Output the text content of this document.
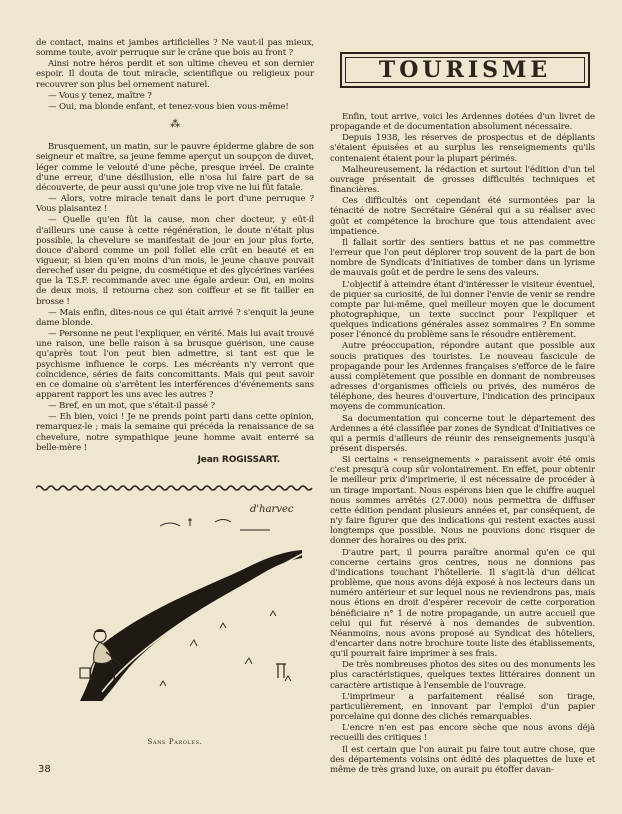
de contact, mains et jambes artificielles ? Ne vaut-il pas mieux, somme toute, avoir perruque sur le crâne que bois au front ?

Ainsi notre héros perdit et son ultime cheveu et son dernier espoir. Il douta de tout miracle, scientifique ou religieux pour recouvrer son plus bel ornement naturel.

— Vous y tenez, maître ?

— Oui, ma blonde enfant, et tenez-vous bien vous-même!

⁂

Brusquement, un matin, sur le pauvre épiderme glabre de son seigneur et maître, sa jeune femme aperçut un soupçon de duvet, léger comme le velouté d'une pêche, presque irréel. De crainte d'une erreur, d'une désillusion, elle n'osa lui faire part de sa découverte, de peur aussi qu'une joie trop vive ne lui fût fatale.

— Alors, votre miracle tenait dans le port d'une perruque ? Vous plaisantez !

— Quelle qu'en fût la cause, mon cher docteur, y eût-il d'ailleurs une cause à cette régénération, le doute n'était plus possible, la chevelure se manifestait de jour en jour plus forte, douce d'abord comme un poil follet elle crût en beauté et en vigueur, si bien qu'en moins d'un mois, le jeune chauve pouvait derechef user du peigne, du cosmétique et des glycérines variées que la T.S.F. recommande avec une égale ardeur. Oui, en moins de deux mois, il retourna chez son coiffeur et se fit tailler en brosse !

— Mais enfin, dites-nous ce qui était arrivé ? s'enquit la jeune dame blonde.

— Personne ne peut l'expliquer, en vérité. Mais lui avait trouvé une raison, une belle raison à sa brusque guérison, une cause qu'après tout l'on peut bien admettre, si tant est que le psychisme influence le corps. Les mécréants n'y verront que coïncidence, séries de faits concomittants. Mais qui peut savoir en ce domaine où s'arrêtent les interférences d'événements sans apparent rapport les uns avec les autres ?

— Bref, en un mot, que s'était-il passé ?

— Eh bien, voici ! Je ne prends point parti dans cette opinion, remarquez-le ; mais la semaine qui précéda la renaissance de sa chevelure, notre sympathique jeune homme avait enterré sa belle-mère !

Jean ROGISSART.
d'harvec
Sans Paroles.
38
TOURISME

Enfin, tout arrive, voici les Ardennes dotées d'un livret de propagande et de documentation absolument nécessaire.

Depuis 1938, les réserves de prospectus et de dépliants s'étaient épuisées et au surplus les renseignements qu'ils contenaient étaient pour la plupart périmés.

Malheureusement, la rédaction et surtout l'édition d'un tel ouvrage présentait de grosses difficultés techniques et financières.

Ces difficultés ont cependant été surmontées par la ténacité de notre Secrétaire Général qui a su réaliser avec goût et compétence la brochure que tous attendaient avec impatience.

Il fallait sortir des sentiers battus et ne pas commettre l'erreur que l'on peut déplorer trop souvent de la part de bon nombre de Syndicats d'Initiatives de tomber dans un lyrisme de mauvais goût et de perdre le sens des valeurs.

L'objectif à atteindre étant d'intéresser le visiteur éventuel, de piquer sa curiosité, de lui donner l'envie de venir se rendre compte par lui-même, quel meilleur moyen que le document photographique, un texte succinct pour l'expliquer et quelques indications générales assez sommaires ? En somme poser l'énoncé du problème sans le résoudre entièrement.

Autre préoccupation, répondre autant que possible aux soucis pratiques des touristes. Le nouveau fascicule de propagande pour les Ardennes françaises s'efforce de le faire aussi complètement que possible en donnant de nombreuses adresses d'organismes officiels ou privés, des numéros de téléphone, des heures d'ouverture, l'indication des principaux moyens de communication.

Sa documentation qui concerne tout le département des Ardennes a été classifiée par zones de Syndicat d'Initiatives ce qui a permis d'ailleurs de réunir des renseignements jusqu'à présent dispersés.

Si certains « renseignements » paraissent avoir été omis c'est presqu'à coup sûr volontairement. En effet, pour obtenir le meilleur prix d'imprimerie, il est nécessaire de procéder à un tirage important. Nous espérons bien que le chiffre auquel nous sommes arrêtés (27.000) nous permettra de diffuser cette édition pendant plusieurs années et, par conséquent, de n'y faire figurer que des indications qui restent exactes aussi longtemps que possible. Nous ne pouvions donc risquer de donner des horaires ou des prix.

D'autre part, il pourra paraître anormal qu'en ce qui concerne certains gros centres, nous ne donnions pas d'indications touchant l'hôtellerie. Il s'agit-là d'un délicat problème, que nous avons déjà exposé à nos lecteurs dans un numéro antérieur et sur lequel nous ne reviendrons pas, mais nous étions en droit d'espérer recevoir de cette corporation bénéficiaire n° 1 de notre propagande, un autre accueil que celui qui fut réservé à nos demandes de subvention. Néanmoins, nous avons proposé au Syndicat des hôteliers, d'encarter dans notre brochure toute liste des établissements, qu'il pourrait faire imprimer à ses frais.

De très nombreuses photos des sites ou des monuments les plus caractéristiques, quelques textes littéraires donnent un caractère artistique à l'ensemble de l'ouvrage.

L'imprimeur a parfaitement réalisé son tirage, particulièrement, en innovant par l'emploi d'un papier porcelaine qui donne des clichés remarquables.

L'encre n'en est pas encore sèche que nous avons déjà recueilli des critiques !

Il est certain que l'on aurait pu faire tout autre chose, que des départements voisins ont édité des plaquettes de luxe et même de très grand luxe, on aurait pu étoffer davan-
